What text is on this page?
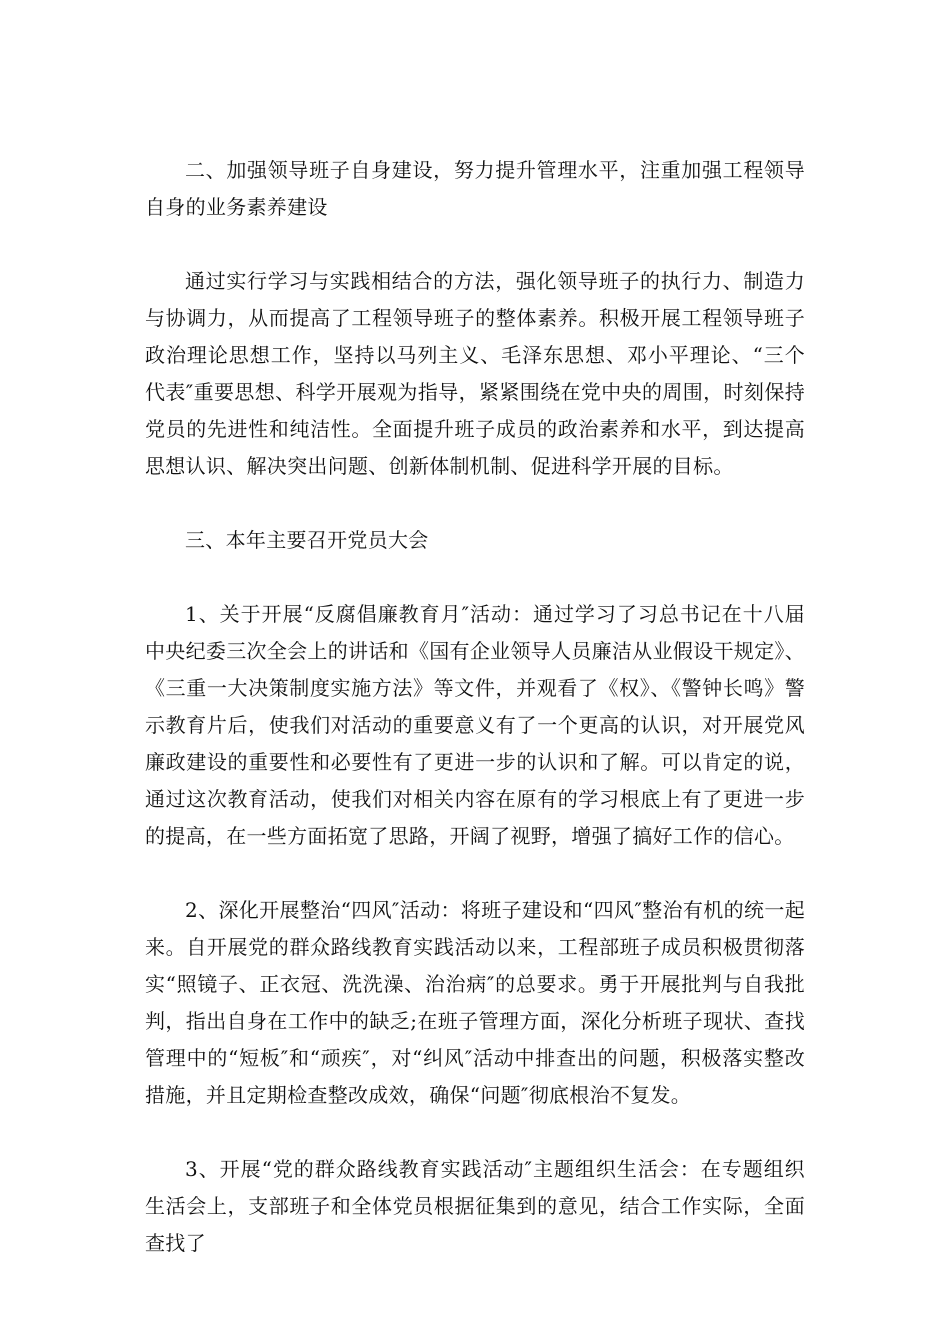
二、加强领导班子自身建设，努力提升管理水平，注重加强工程领导自身的业务素养建设

通过实行学习与实践相结合的方法，强化领导班子的执行力、制造力与协调力，从而提高了工程领导班子的整体素养。积极开展工程领导班子政治理论思想工作，坚持以马列主义、毛泽东思想、邓小平理论、“三个代表″重要思想、科学开展观为指导，紧紧围绕在党中央的周围，时刻保持党员的先进性和纯洁性。全面提升班子成员的政治素养和水平，到达提高思想认识、解决突出问题、创新体制机制、促进科学开展的目标。

三、本年主要召开党员大会

1、关于开展“反腐倡廉教育月″活动：通过学习了习总书记在十八届中央纪委三次全会上的讲话和《国有企业领导人员廉洁从业假设干规定》、《三重一大决策制度实施方法》等文件，并观看了《权》、《警钟长鸣》警示教育片后，使我们对活动的重要意义有了一个更高的认识，对开展党风廉政建设的重要性和必要性有了更进一步的认识和了解。可以肯定的说，通过这次教育活动，使我们对相关内容在原有的学习根底上有了更进一步的提高，在一些方面拓宽了思路，开阔了视野，增强了搞好工作的信心。

2、深化开展整治“四风″活动：将班子建设和“四风″整治有机的统一起来。自开展党的群众路线教育实践活动以来，工程部班子成员积极贯彻落实“照镜子、正衣冠、洗洗澡、治治病″的总要求。勇于开展批判与自我批判，指出自身在工作中的缺乏;在班子管理方面，深化分析班子现状、查找管理中的“短板″和“顽疾″，对“纠风″活动中排查出的问题，积极落实整改措施，并且定期检查整改成效，确保“问题″彻底根治不复发。

3、开展“党的群众路线教育实践活动″主题组织生活会：在专题组织生活会上，支部班子和全体党员根据征集到的意见，结合工作实际，全面查找了
